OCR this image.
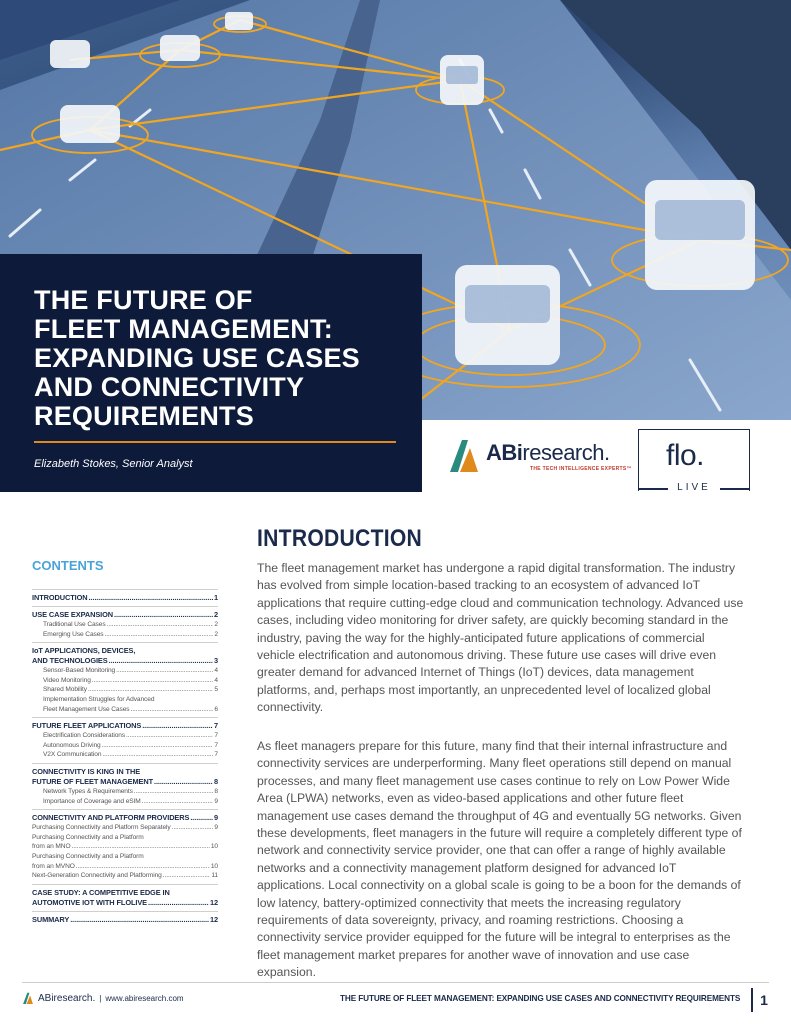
THE FUTURE OF
FLEET MANAGEMENT:
EXPANDING USE CASES
AND CONNECTIVITY
REQUIREMENTS
Elizabeth Stokes, Senior Analyst	ABiresearch.
THE TECH INTELLIGENCE EXPERTS™ flo.
LIVE
CONTENTS
INTRODUCTION .....	1
USE CASE EXPANSION .....	2
Traditional Use Cases .....	2
Emerging Use Cases .....	2
IoT APPLICATIONS, DEVICES,
AND TECHNOLOGIES .....	3
Sensor-Based Monitoring .....	4
Video Monitoring .....	4
Shared Mobility .....	5
Implementation Struggles for Advanced
Fleet Management Use Cases .....	6
FUTURE FLEET APPLICATIONS .....	7
Electrification Considerations .....	7
Autonomous Driving .....	7
V2X Communication .....	7
CONNECTIVITY IS KING IN THE
FUTURE OF FLEET MANAGEMENT .....	8
Network Types & Requirements .....	8
Importance of Coverage and eSIM .....	9
CONNECTIVITY AND PLATFORM PROVIDERS .....	9
Purchasing Connectivity and Platform Separately .....	9
Purchasing Connectivity and a Platform
from an MNO .....	10
Purchasing Connectivity and a Platform
from an MVNO .....	10
Next-Generation Connectivity and Platforming .....	11
CASE STUDY: A COMPETITIVE EDGE IN
AUTOMOTIVE IOT WITH FLOLIVE .....	12
SUMMARY .....	12
INTRODUCTION

The fleet management market has undergone a rapid digital transformation. The industry has evolved from simple location-based tracking to an ecosystem of advanced IoT applications that require cutting-edge cloud and communication technology. Advanced use cases, including video monitoring for driver safety, are quickly becoming standard in the industry, paving the way for the highly-anticipated future applications of commercial vehicle electrification and autonomous driving. These future use cases will drive even greater demand for advanced Internet of Things (IoT) devices, data management platforms, and, perhaps most importantly, an unprecedented level of localized global connectivity.

As fleet managers prepare for this future, many find that their internal infrastructure and connectivity services are underperforming. Many fleet operations still depend on manual processes, and many fleet management use cases continue to rely on Low Power Wide Area (LPWA) networks, even as video-based applications and other future fleet management use cases demand the throughput of 4G and eventually 5G networks. Given these developments, fleet managers in the future will require a completely different type of network and connectivity service provider, one that can offer a range of highly available networks and a connectivity management platform designed for advanced IoT applications. Local connectivity on a global scale is going to be a boon for the demands of low latency, battery-optimized connectivity that meets the increasing regulatory requirements of data sovereignty, privacy, and roaming restrictions. Choosing a connectivity service provider equipped for the future will be integral to enterprises as the fleet management market prepares for another wave of innovation and use case expansion.

ABiresearch. | www.abiresearch.com	THE FUTURE OF FLEET MANAGEMENT: EXPANDING USE CASES AND CONNECTIVITY REQUIREMENTS	1
